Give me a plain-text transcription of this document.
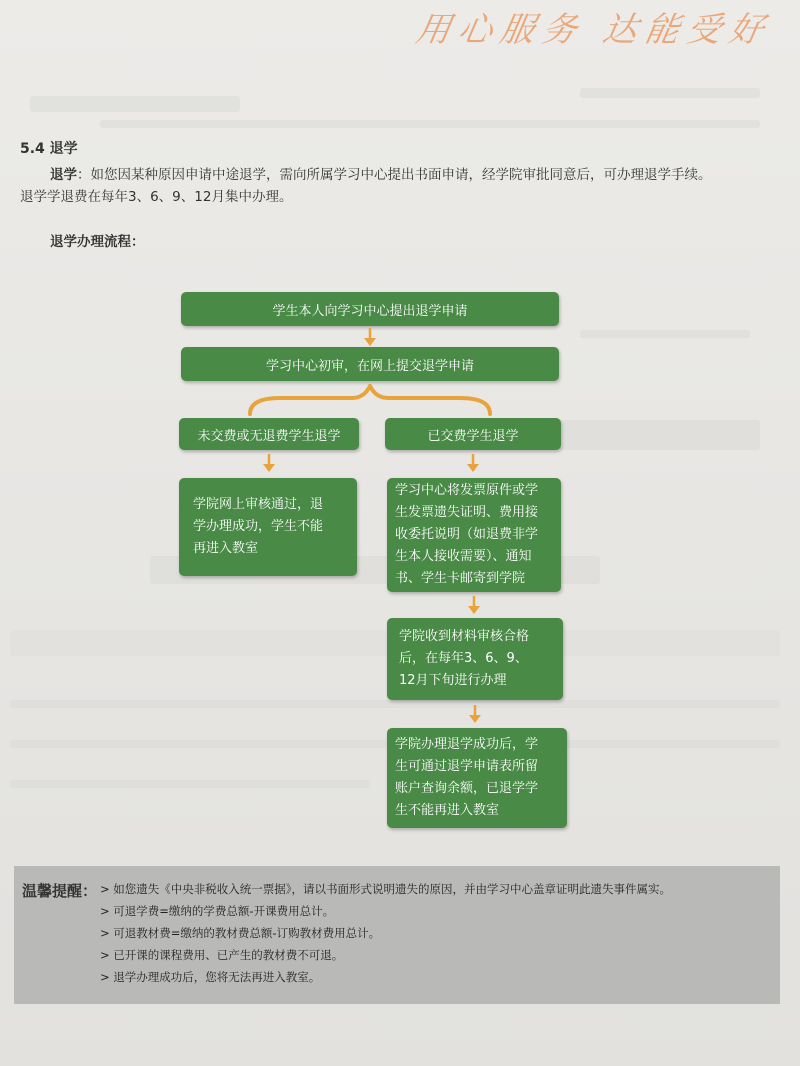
用心服务 达能受好
5.4 退学
退学：如您因某种原因申请中途退学，需向所属学习中心提出书面申请，经学院审批同意后，可办理退学手续。
退学学退费在每年3、6、9、12月集中办理。
退学办理流程：
学生本人向学习中心提出退学申请
学习中心初审，在网上提交退学申请
未交费或无退费学生退学	已交费学生退学
学院网上审核通过，退
学办理成功，学生不能
再进入教室
学习中心将发票原件或学
生发票遗失证明、费用接
收委托说明（如退费非学
生本人接收需要）、通知
书、学生卡邮寄到学院
学院收到材料审核合格
后，在每年3、6、9、
12月下旬进行办理
学院办理退学成功后，学
生可通过退学申请表所留
账户查询余额，已退学学
生不能再进入教室
温馨提醒： > 如您遗失《中央非税收入统一票据》，请以书面形式说明遗失的原因，并由学习中心盖章证明此遗失事件属实。
> 可退学费=缴纳的学费总额-开课费用总计。
> 可退教材费=缴纳的教材费总额-订购教材费用总计。
> 已开课的课程费用、已产生的教材费不可退。
> 退学办理成功后，您将无法再进入教室。
